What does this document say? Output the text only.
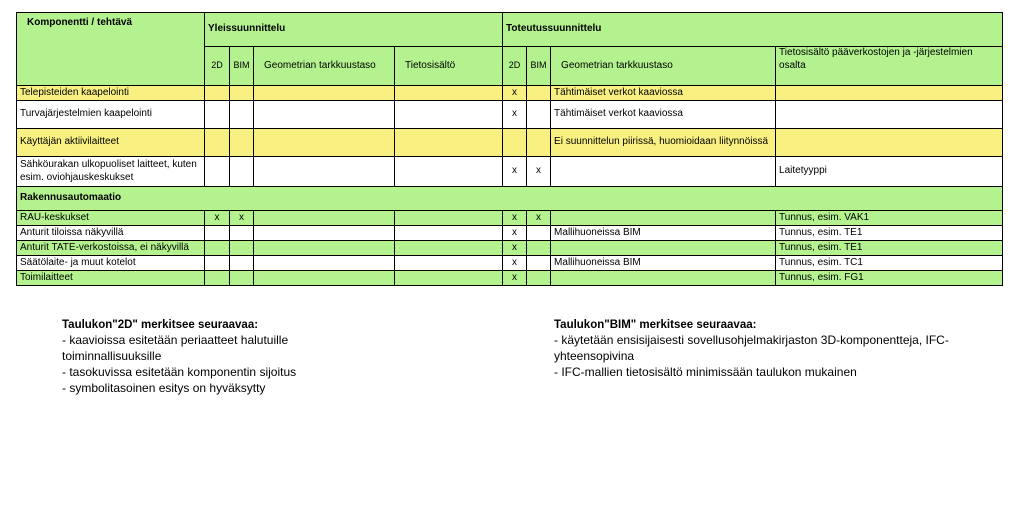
Komponentti / tehtävä	Yleissuunnittelu				Toteutussuunnittelu			
	2D	BIM	Geometrian tarkkuustaso	Tietosisältö	2D	BIM	Geometrian tarkkuustaso	Tietosisältö pääverkostojen ja -järjestelmien osalta
Telepisteiden kaapelointi					x		Tähtimäiset verkot kaaviossa	
Turvajärjestelmien kaapelointi					x		Tähtimäiset verkot kaaviossa	
Käyttäjän aktiivilaitteet							Ei suunnittelun piirissä, huomioidaan liitynnöissä	
Sähköurakan ulkopuoliset laitteet, kuten esim. oviohjauskeskukset					x	x		Laitetyyppi
Rakennusautomaatio								
RAU-keskukset	x	x			x	x		Tunnus, esim. VAK1
Anturit tiloissa näkyvillä					x		Mallihuoneissa BIM	Tunnus, esim. TE1
Anturit TATE-verkostoissa, ei näkyvillä					x			Tunnus, esim. TE1
Säätölaite- ja muut kotelot					x		Mallihuoneissa BIM	Tunnus, esim. TC1
Toimilaitteet					x			Tunnus, esim. FG1
Taulukon"2D" merkitsee seuraavaa:
- kaavioissa esitetään periaatteet halutuille toiminnallisuuksille
- tasokuvissa esitetään komponentin sijoitus
- symbolitasoinen esitys on hyväksytty
Taulukon"BIM" merkitsee seuraavaa:
- käytetään ensisijaisesti sovellusohjelmakirjaston 3D-komponentteja, IFC-yhteensopivina
- IFC-mallien tietosisältö minimissään taulukon mukainen
